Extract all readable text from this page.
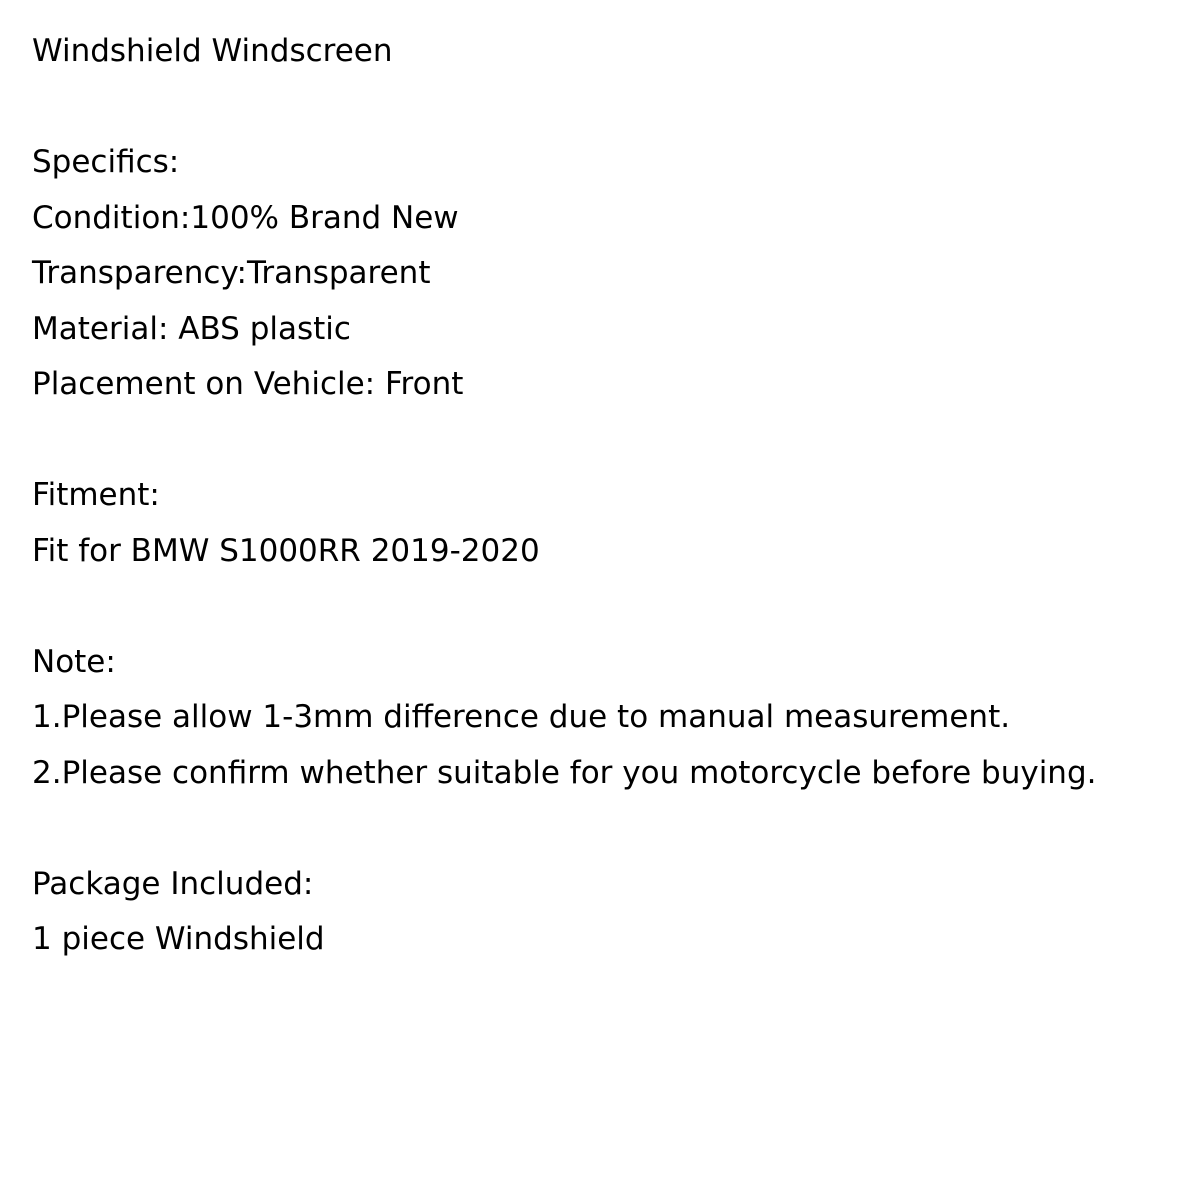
Windshield Windscreen
Specifics:
Condition:100% Brand New
Transparency:Transparent
Material: ABS plastic
Placement on Vehicle: Front
Fitment:
Fit for BMW S1000RR 2019-2020
Note:
1.Please allow 1-3mm difference due to manual measurement.
2.Please confirm whether suitable for you motorcycle before buying.
Package Included:
1 piece Windshield
